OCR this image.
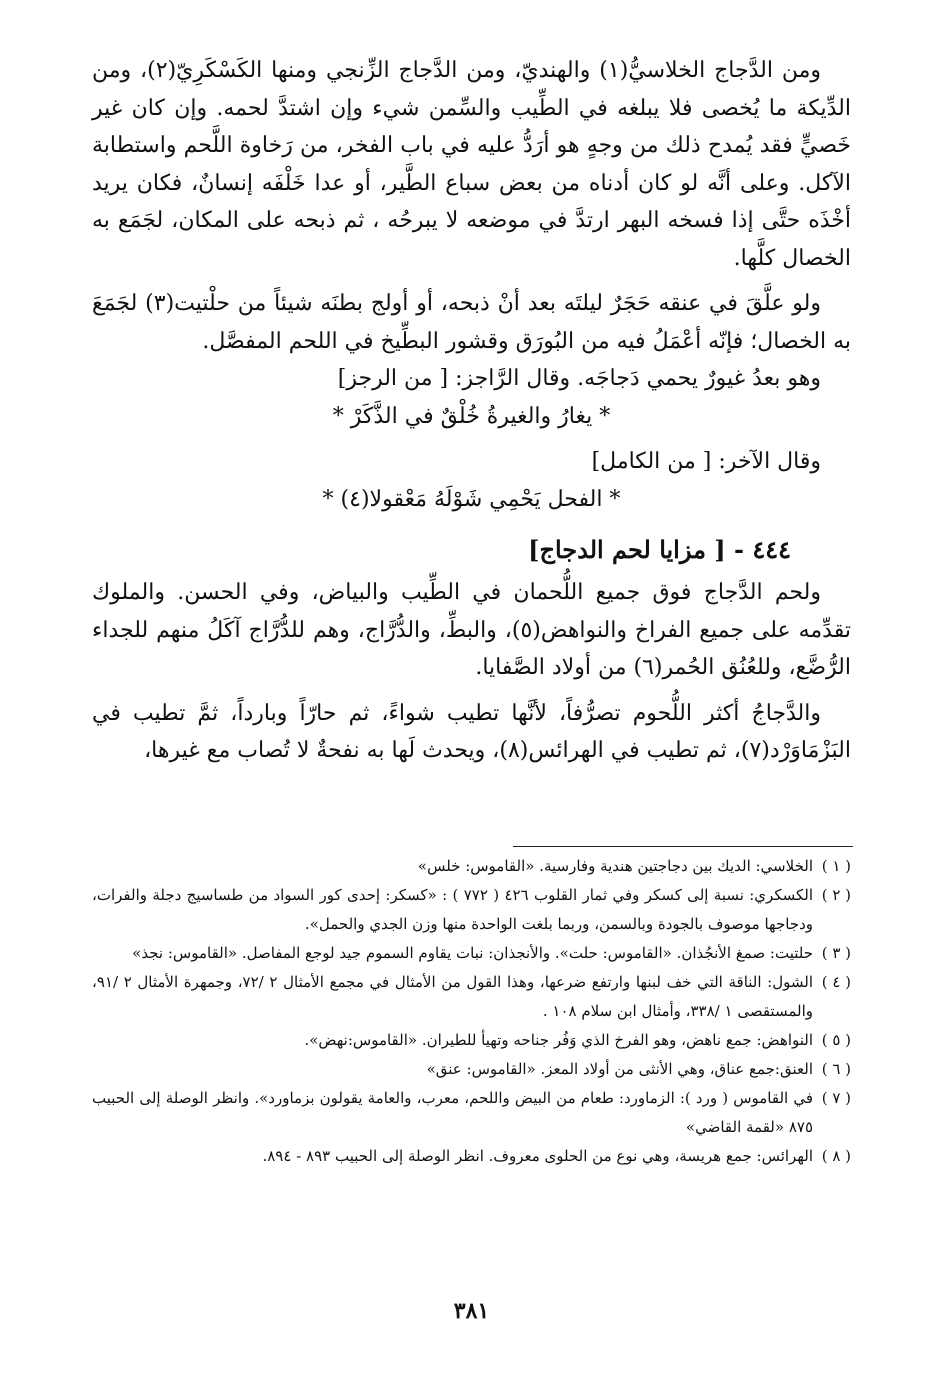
ومن الدَّجاج الخلاسيُّ(١) والهنديّ، ومن الدَّجاج الزِّنجي ومنها الكَسْكَرِيّ(٢)، ومن الدِّيكة ما يُخصى فلا يبلغه في الطِّيب والسِّمن شيء وإن اشتدَّ لحمه. وإن كان غير خَصيٍّ فقد يُمدح ذلك من وجهٍ هو أرَدُّ عليه في باب الفخر، من رَخاوة اللَّحم واستطابة الآكل. وعلى أنَّه لو كان أدناه من بعض سباع الطَّير، أو عدا خَلْفَه إنسانٌ، فكان يريد أخْذَه حتَّى إذا فسخه البهر ارتدَّ في موضعه لا يبرحُه ، ثم ذبحه على المكان، لجَمَع به الخصال كلَّها.

ولو علَّقَ في عنقه حَجَرٌ ليلتَه بعد أنْ ذبحه، أو أولج بطنَه شيئاً من حلْتيت(٣) لجَمَعَ به الخصال؛ فإنّه أعْمَلُ فيه من البُورَق وقشور البطِّيخ في اللحم المفصَّل.

وهو بعدُ غيورٌ يحمي دَجاجَه. وقال الرَّاجز: [ من الرجز]

* يغارُ والغيرةُ خُلْقٌ في الذَّكَرْ *

وقال الآخر: [ من الكامل]

* الفحل يَحْمِي شَوْلَهُ مَعْقولا(٤) *

٤٤٤ - [ مزايا لحم الدجاج]

ولحم الدَّجاج فوق جميع اللُّحمان في الطِّيب والبياض، وفي الحسن. والملوك تقدِّمه على جميع الفراخ والنواهض(٥)، والبطِّ، والدُّرَّاج، وهم للدُّرَّاج آكَلُ منهم للجداء الرُّضَّع، وللعُنُق الحُمر(٦) من أولاد الصَّفايا.

والدَّجاجُ أكثر اللُّحوم تصرُّفاً، لأنَّها تطيب شواءً، ثم حارّاً وبارداً، ثمَّ تطيب في البَزْمَاوَرْد(٧)، ثم تطيب في الهرائس(٨)، ويحدث لَها به نفحةٌ لا تُصاب مع غيرها،

( ١ )
الخلاسي: الديك بين دجاجتين هندية وفارسية. «القاموس: خلس»
( ٢ )
الكسكري: نسبة إلى كسكر وفي ثمار القلوب ٤٢٦ ( ٧٧٢ ) : «كسكر: إحدى كور السواد من طساسيج دجلة والفرات، ودجاجها موصوف بالجودة وبالسمن، وربما بلغت الواحدة منها وزن الجدي والحمل».
( ٣ )
حلتيت: صمغ الأنجُذان. «القاموس: حلت». والأنجذان: نبات يقاوم السموم جيد لوجع المفاصل. «القاموس: نجذ»
( ٤ )
الشول: الناقة التي خف لبنها وارتفع ضرعها، وهذا القول من الأمثال في مجمع الأمثال ٢ /٧٢، وجمهرة الأمثال ٢ /٩١، والمستقصى ١ /٣٣٨، وأمثال ابن سلام ١٠٨ .
( ٥ )
النواهض: جمع ناهض، وهو الفرخ الذي وَفُر جناحه وتهيأ للطيران. «القاموس:نهض».
( ٦ )
العنق:جمع عناق، وهي الأنثى من أولاد المعز. «القاموس: عنق»
( ٧ )
في القاموس ( ورد ): الزماورد: طعام من البيض واللحم، معرب، والعامة يقولون بزماورد». وانظر الوصلة إلى الحبيب ٨٧٥ «لقمة القاضي»
( ٨ )
الهرائس: جمع هريسة، وهي نوع من الحلوى معروف. انظر الوصلة إلى الحبيب ٨٩٣ - ٨٩٤.
٣٨١
